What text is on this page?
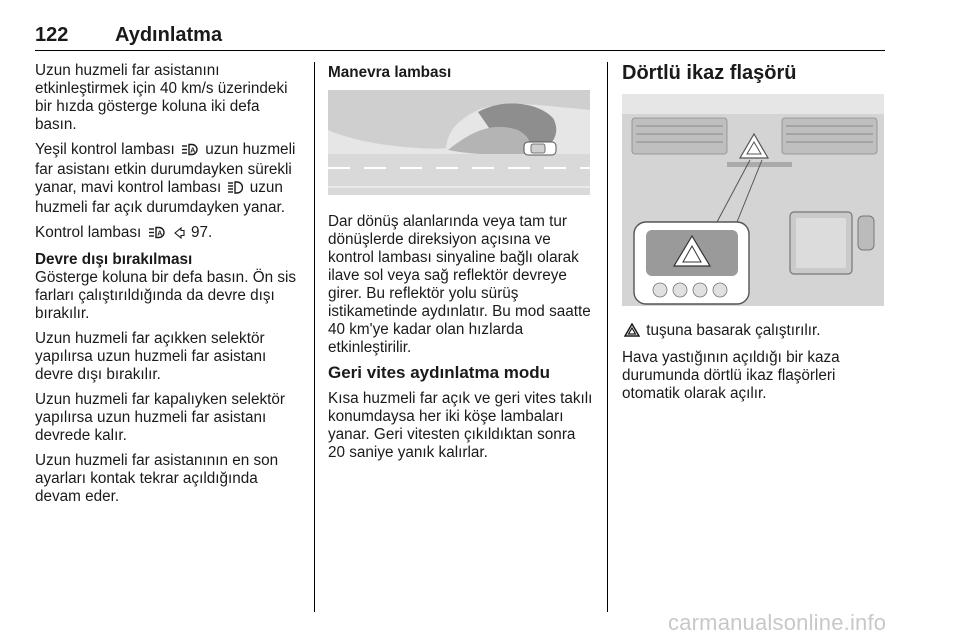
122 Aydınlatma

Uzun huzmeli far asistanını etkinleştirmek için 40 km/s üzerindeki bir hızda gösterge koluna iki defa basın.

Yeşil kontrol lambası A uzun huzmeli far asistanı etkin durumdayken sürekli yanar, mavi kontrol lambası uzun huzmeli far açık durumdayken yanar.

Kontrol lambası A 97.

Devre dışı bırakılması

Gösterge koluna bir defa basın. Ön sis farları çalıştırıldığında da devre dışı bırakılır.

Uzun huzmeli far açıkken selektör yapılırsa uzun huzmeli far asistanı devre dışı bırakılır.

Uzun huzmeli far kapalıyken selektör yapılırsa uzun huzmeli far asistanı devrede kalır.

Uzun huzmeli far asistanının en son ayarları kontak tekrar açıldığında devam eder.

Manevra lambası

Dar dönüş alanlarında veya tam tur dönüşlerde direksiyon açısına ve kontrol lambası sinyaline bağlı olarak ilave sol veya sağ reflektör devreye girer. Bu reflektör yolu sürüş istikametinde aydınlatır. Bu mod saatte 40 km'ye kadar olan hızlarda etkinleştirilir.

Geri vites aydınlatma modu

Kısa huzmeli far açık ve geri vites takılı konumdaysa her iki köşe lambaları yanar. Geri vitesten çıkıldıktan sonra 20 saniye yanık kalırlar.

Dörtlü ikaz flaşörü

tuşuna basarak çalıştırılır.

Hava yastığının açıldığı bir kaza durumunda dörtlü ikaz flaşörleri otomatik olarak açılır.

carmanualsonline.info
